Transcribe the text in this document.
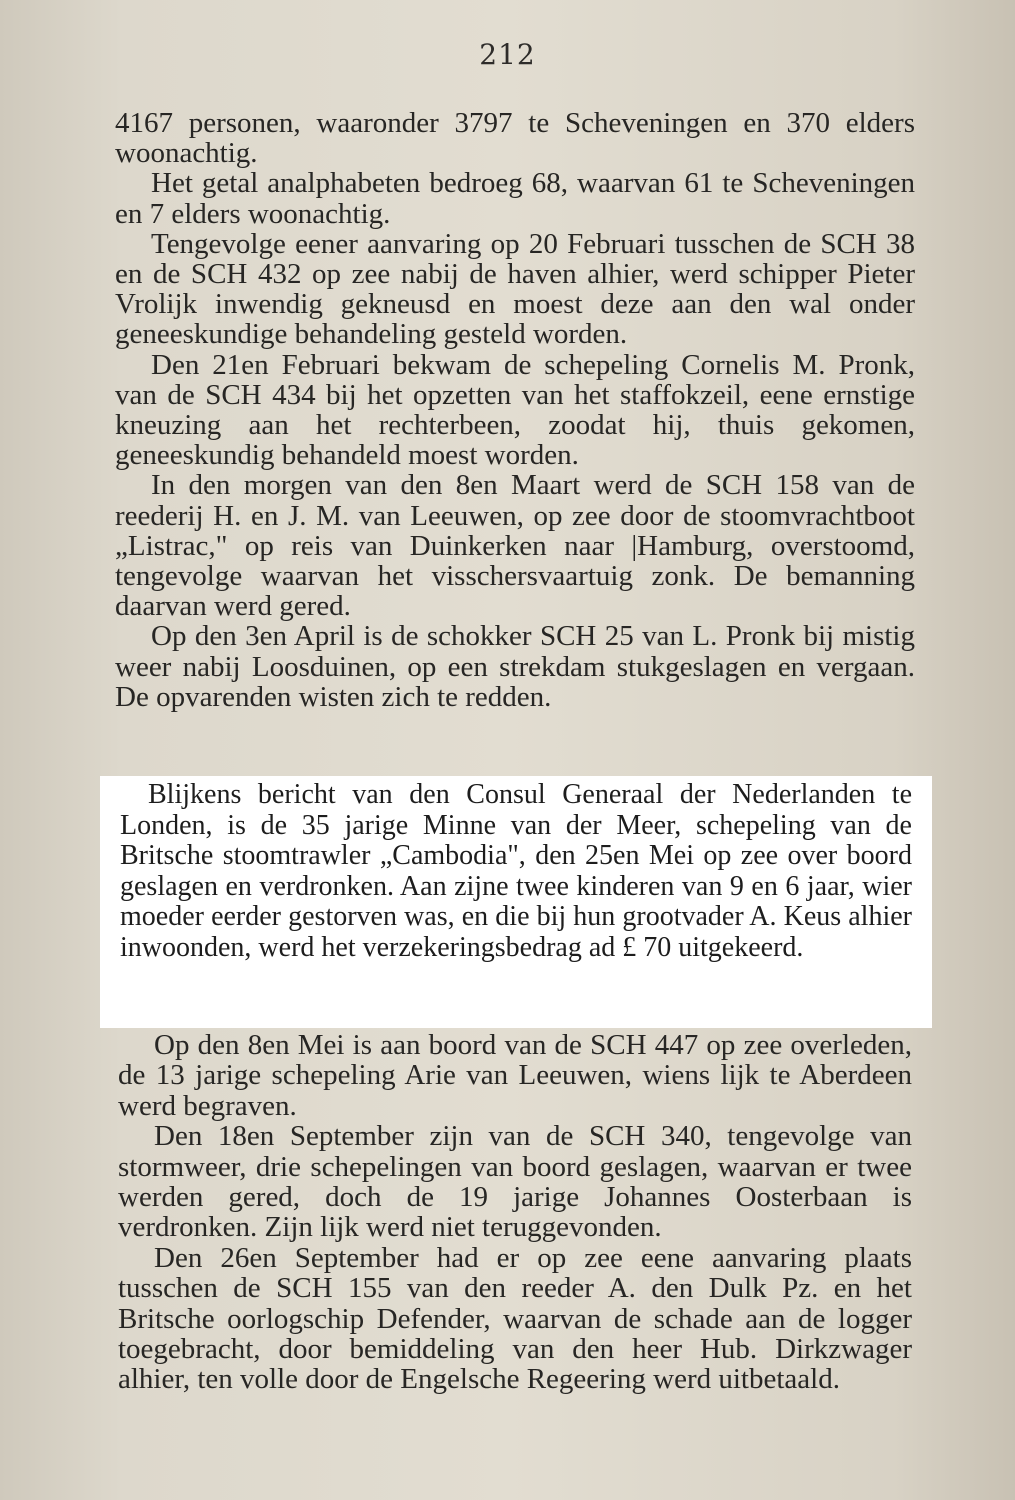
212

4167 personen, waaronder 3797 te Scheveningen en 370 elders woonachtig.

Het getal analphabeten bedroeg 68, waarvan 61 te Scheveningen en 7 elders woonachtig.

Tengevolge eener aanvaring op 20 Februari tusschen de SCH 38 en de SCH 432 op zee nabij de haven alhier, werd schipper Pieter Vrolijk inwendig gekneusd en moest deze aan den wal onder geneeskundige behandeling gesteld worden.

Den 21en Februari bekwam de schepeling Cornelis M. Pronk, van de SCH 434 bij het opzetten van het staffokzeil, eene ernstige kneuzing aan het rechterbeen, zoodat hij, thuis gekomen, geneeskundig behandeld moest worden.

In den morgen van den 8en Maart werd de SCH 158 van de reederij H. en J. M. van Leeuwen, op zee door de stoomvrachtboot „Listrac," op reis van Duinkerken naar |Hamburg, overstoomd, tengevolge waarvan het visschersvaartuig zonk. De bemanning daarvan werd gered.

Op den 3en April is de schokker SCH 25 van L. Pronk bij mistig weer nabij Loosduinen, op een strekdam stukgeslagen en vergaan. De opvarenden wisten zich te redden.

Blijkens bericht van den Consul Generaal der Nederlanden te Londen, is de 35 jarige Minne van der Meer, schepeling van de Britsche stoomtrawler „Cambodia", den 25en Mei op zee over boord geslagen en verdronken. Aan zijne twee kinderen van 9 en 6 jaar, wier moeder eerder gestorven was, en die bij hun grootvader A. Keus alhier inwoonden, werd het verzekeringsbedrag ad £ 70 uitgekeerd.

Op den 8en Mei is aan boord van de SCH 447 op zee overleden, de 13 jarige schepeling Arie van Leeuwen, wiens lijk te Aberdeen werd begraven.

Den 18en September zijn van de SCH 340, tengevolge van stormweer, drie schepelingen van boord geslagen, waarvan er twee werden gered, doch de 19 jarige Johannes Oosterbaan is verdronken. Zijn lijk werd niet teruggevonden.

Den 26en September had er op zee eene aanvaring plaats tusschen de SCH 155 van den reeder A. den Dulk Pz. en het Britsche oorlogschip Defender, waarvan de schade aan de logger toegebracht, door bemiddeling van den heer Hub. Dirkzwager alhier, ten volle door de Engelsche Regeering werd uitbetaald.
